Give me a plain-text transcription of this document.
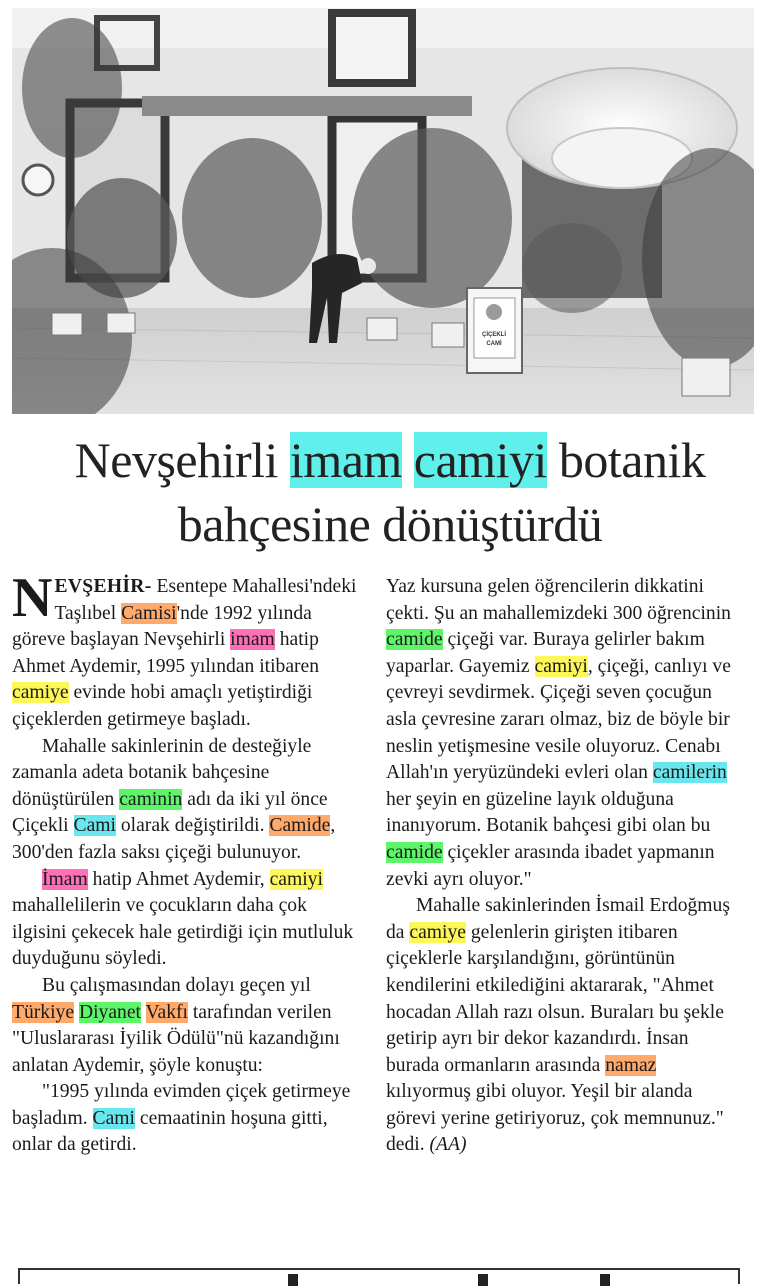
ÇİÇEKLİ
CAMİ
Nevşehirli imam camiyi botanik
bahçesine dönüştürdü

NEVŞEHİR- Esentepe Mahallesi'ndeki Taşlıbel Camisi'nde 1992 yılında göreve başlayan Nevşehirli imam hatip Ahmet Aydemir, 1995 yılından itibaren camiye evinde hobi amaçlı yetiştirdiği çiçeklerden getirmeye başladı.

Mahalle sakinlerinin de desteğiyle zamanla adeta botanik bahçesine dönüştürülen caminin adı da iki yıl önce Çiçekli Cami olarak değiştirildi. Camide, 300'den fazla saksı çiçeği bulunuyor.

İmam hatip Ahmet Aydemir, camiyi mahallelilerin ve çocukların daha çok ilgisini çekecek hale getirdiği için mutluluk duyduğunu söyledi.

Bu çalışmasından dolayı geçen yıl Türkiye Diyanet Vakfı tarafından verilen "Uluslararası İyilik Ödülü"nü kazandığını anlatan Aydemir, şöyle konuştu:

"1995 yılında evimden çiçek getirmeye başladım. Cami cemaatinin hoşuna gitti, onlar da getirdi.

Yaz kursuna gelen öğrencilerin dikkatini çekti. Şu an mahallemizdeki 300 öğrencinin camide çiçeği var. Buraya gelirler bakım yaparlar. Gayemiz camiyi, çiçeği, canlıyı ve çevreyi sevdirmek. Çiçeği seven çocuğun asla çevresine zararı olmaz, biz de böyle bir neslin yetişmesine vesile oluyoruz. Cenabı Allah'ın yeryüzündeki evleri olan camilerin her şeyin en güzeline layık olduğuna inanıyorum. Botanik bahçesi gibi olan bu camide çiçekler arasında ibadet yapmanın zevki ayrı oluyor."

Mahalle sakinlerinden İsmail Erdoğmuş da camiye gelenlerin girişten itibaren çiçeklerle karşılandığını, görüntünün kendilerini etkilediğini aktararak, "Ahmet hocadan Allah razı olsun. Buraları bu şekle getirip ayrı bir dekor kazandırdı. İnsan burada ormanların arasında namaz kılıyormuş gibi oluyor. Yeşil bir alanda görevi yerine getiriyoruz, çok memnunuz." dedi. (AA)
